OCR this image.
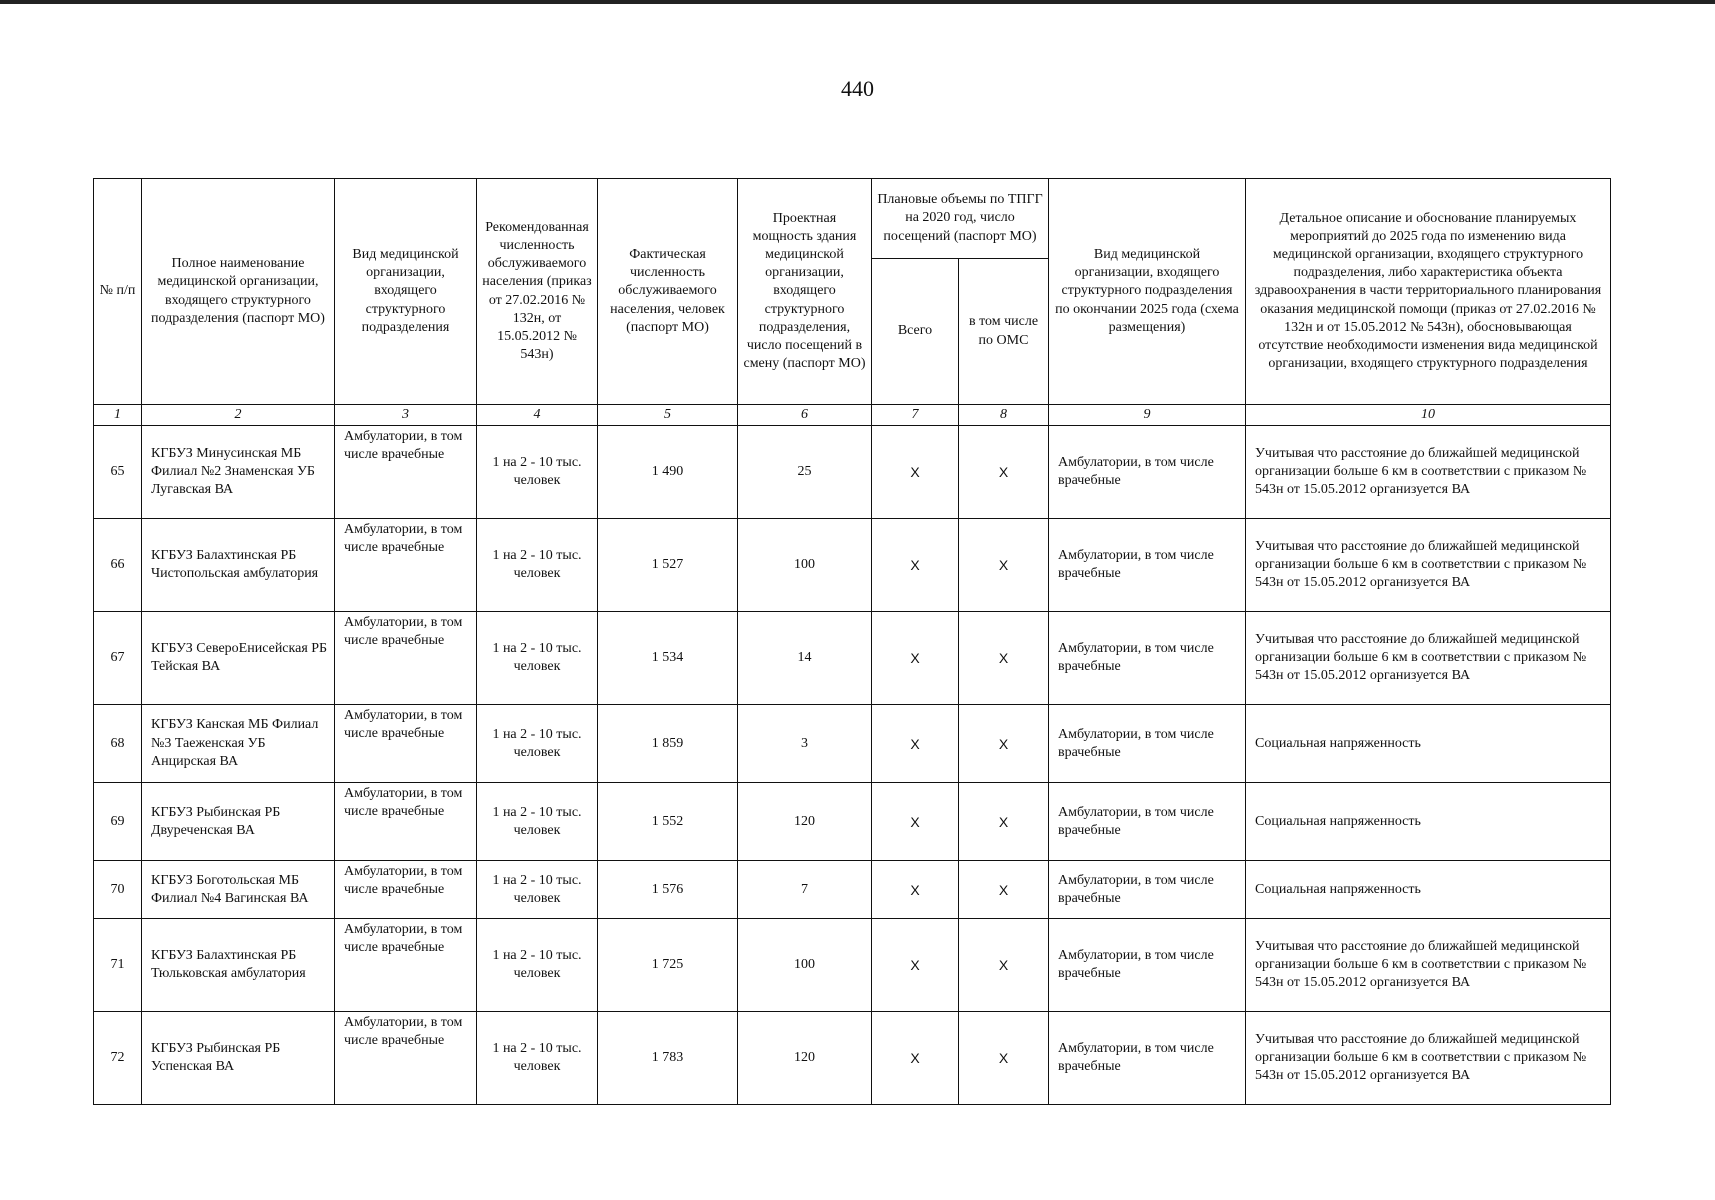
440
№ п/п	Полное наименование медицинской организации, входящего структурного подразделения (паспорт МО)	Вид медицинской организации, входящего структурного подразделения	Рекомендованная численность обслуживаемого населения (приказ от 27.02.2016 № 132н, от 15.05.2012 № 543н)	Фактическая численность обслуживаемого населения, человек (паспорт МО)	Проектная мощность здания медицинской организации, входящего структурного подразделения, число посещений в смену (паспорт МО)	Плановые объемы по ТПГГ на 2020 год, число посещений (паспорт МО)		Вид медицинской организации, входящего структурного подразделения по окончании 2025 года (схема размещения)	Детальное описание и обоснование планируемых мероприятий до 2025 года по изменению вида медицинской организации, входящего структурного подразделения, либо характеристика объекта здравоохранения в части территориального планирования оказания медицинской помощи (приказ от 27.02.2016 № 132н и от 15.05.2012 № 543н), обосновывающая отсутствие необходимости изменения вида медицинской организации, входящего структурного подразделения
						Всего	в том числе по ОМС		
1	2	3	4	5	6	7	8	9	10
65	КГБУЗ Минусинская МБ Филиал №2 Знаменская УБ Лугавская ВА	Амбулатории, в том числе врачебные	1 на 2 - 10 тыс. человек	1 490	25	Х	Х	Амбулатории, в том числе врачебные	Учитывая что расстояние до ближайшей медицинской организации больше 6 км в соответствии с приказом № 543н от 15.05.2012 организуется ВА
66	КГБУЗ Балахтинская РБ Чистопольская амбулатория	Амбулатории, в том числе врачебные	1 на 2 - 10 тыс. человек	1 527	100	Х	Х	Амбулатории, в том числе врачебные	Учитывая что расстояние до ближайшей медицинской организации больше 6 км в соответствии с приказом № 543н от 15.05.2012 организуется ВА
67	КГБУЗ СевероЕнисейская РБ Тейская ВА	Амбулатории, в том числе врачебные	1 на 2 - 10 тыс. человек	1 534	14	Х	Х	Амбулатории, в том числе врачебные	Учитывая что расстояние до ближайшей медицинской организации больше 6 км в соответствии с приказом № 543н от 15.05.2012 организуется ВА
68	КГБУЗ Канская МБ Филиал №3 Таеженская УБ Анцирская ВА	Амбулатории, в том числе врачебные	1 на 2 - 10 тыс. человек	1 859	3	Х	Х	Амбулатории, в том числе врачебные	Социальная напряженность
69	КГБУЗ Рыбинская РБ Двуреченская ВА	Амбулатории, в том числе врачебные	1 на 2 - 10 тыс. человек	1 552	120	Х	Х	Амбулатории, в том числе врачебные	Социальная напряженность
70	КГБУЗ Боготольская МБ Филиал №4 Вагинская ВА	Амбулатории, в том числе врачебные	1 на 2 - 10 тыс. человек	1 576	7	Х	Х	Амбулатории, в том числе врачебные	Социальная напряженность
71	КГБУЗ Балахтинская РБ Тюльковская амбулатория	Амбулатории, в том числе врачебные	1 на 2 - 10 тыс. человек	1 725	100	Х	Х	Амбулатории, в том числе врачебные	Учитывая что расстояние до ближайшей медицинской организации больше 6 км в соответствии с приказом № 543н от 15.05.2012 организуется ВА
72	КГБУЗ Рыбинская РБ Успенская ВА	Амбулатории, в том числе врачебные	1 на 2 - 10 тыс. человек	1 783	120	Х	Х	Амбулатории, в том числе врачебные	Учитывая что расстояние до ближайшей медицинской организации больше 6 км в соответствии с приказом № 543н от 15.05.2012 организуется ВА
